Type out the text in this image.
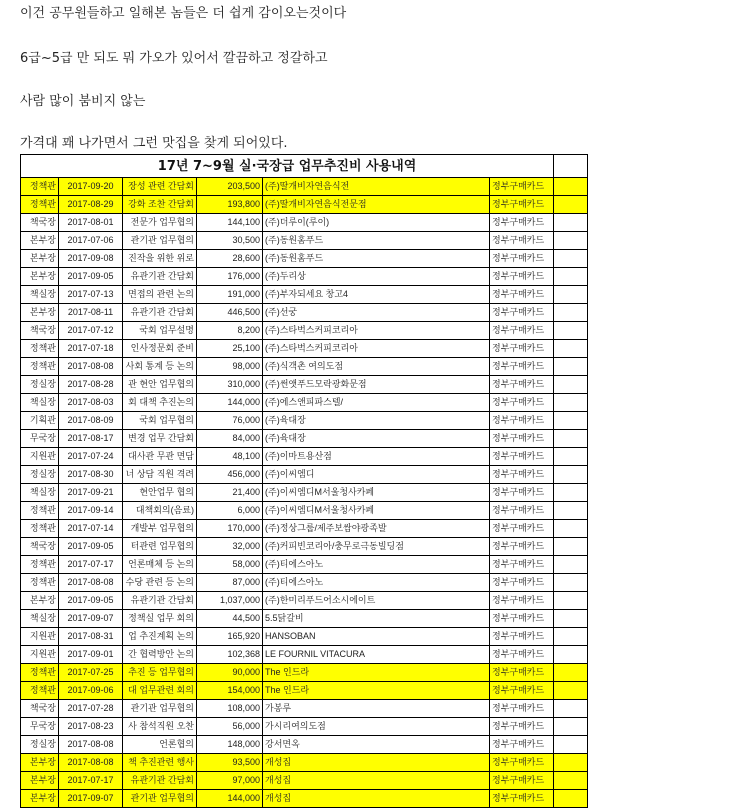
이건 공무원들하고 일해본 놈들은 더 쉽게 감이오는것이다
6급~5급 만 되도 뭐 가오가 있어서 깔끔하고 정갈하고
사람 많이 붐비지 않는
가격대 꽤 나가면서 그런 맛집을 찾게 되어있다.
17년 7~9월 실·국장급 업무추진비 사용내역						
정책관	2017-09-20	장성 관련 간담회	203,500	(주)딸개비자연음식전	정부구매카드	
정책관	2017-08-29	강화 조찬 간담회	193,800	(주)딸개비자연음식전문점	정부구매카드	
책국장	2017-08-01	전문가 업무협의	144,100	(주)더루이(루이)	정부구매카드	
본부장	2017-07-06	관기관 업무협의	30,500	(주)동원홈푸드	정부구매카드	
본부장	2017-09-08	진작을 위한 위로	28,600	(주)동원홈푸드	정부구매카드	
본부장	2017-09-05	유관기관 간담회	176,000	(주)두리상	정부구매카드	
책실장	2017-07-13	면접의 관련 논의	191,000	(주)부자되세요 창고4	정부구매카드	
본부장	2017-08-11	유관기관 간담회	446,500	(주)선궁	정부구매카드	
책국장	2017-07-12	국회 업무설명	8,200	(주)스타벅스커피코리아	정부구매카드	
정책관	2017-07-18	인사정문회 준비	25,100	(주)스타벅스커피코리아	정부구매카드	
정책관	2017-08-08	사회 통계 등 논의	98,000	(주)식객촌 여의도점	정부구매카드	
정실장	2017-08-28	관 현안 업무협의	310,000	(주)썬앳푸드모락광화문점	정부구매카드	
책실장	2017-08-03	회 대책 추진논의	144,000	(주)에스앤피파스텔/	정부구매카드	
기획관	2017-08-09	국회 업무협의	76,000	(주)육대장	정부구매카드	
무국장	2017-08-17	변경 업무 간담회	84,000	(주)육대장	정부구매카드	
지원관	2017-07-24	대사관 무관 면담	48,100	(주)이마트용산점	정부구매카드	
정실장	2017-08-30	너 상담 직원 격려	456,000	(주)이씨엠디	정부구매카드	
책실장	2017-09-21	현안업무 협의	21,400	(주)이씨엠디M서울청사카페	정부구매카드	
정책관	2017-09-14	대책회의(음료)	6,000	(주)이씨엠디M서울청사카페	정부구매카드	
정책관	2017-07-14	개발부 업무협의	170,000	(주)정상그룹/제주보쌈야광족발	정부구매카드	
책국장	2017-09-05	터관련 업무협의	32,000	(주)커피빈코리아/충무로극동빌딩점	정부구매카드	
정책관	2017-07-17	언론매체 등 논의	58,000	(주)티에스아노	정부구매카드	
정책관	2017-08-08	수당 관련 등 논의	87,000	(주)티에스아노	정부구매카드	
본부장	2017-09-05	유관기관 간담회	1,037,000	(주)한미리푸드어소시에이트	정부구매카드	
책실장	2017-09-07	정책실 업무 회의	44,500	5.5닭갈비	정부구매카드	
지원관	2017-08-31	업 추진계획 논의	165,920	HANSOBAN	정부구매카드	
지원관	2017-09-01	간 협력방안 논의	102,368	LE FOURNIL VITACURA	정부구매카드	
정책관	2017-07-25	추진 등 업무협의	90,000	The 인드라	정부구매카드	
정책관	2017-09-06	대 업무관련 회의	154,000	The 인드라	정부구매카드	
책국장	2017-07-28	관기관 업무협의	108,000	가봉루	정부구매카드	
무국장	2017-08-23	사 참석직원 오찬	56,000	가시리여의도점	정부구매카드	
정실장	2017-08-08	언론협의	148,000	강서면옥	정부구매카드	
본부장	2017-08-08	책 추진관련 행사	93,500	개성집	정부구매카드	
본부장	2017-07-17	유관기관 간담회	97,000	개성집	정부구매카드	
본부장	2017-09-07	관기관 업무협의	144,000	개성집	정부구매카드	
